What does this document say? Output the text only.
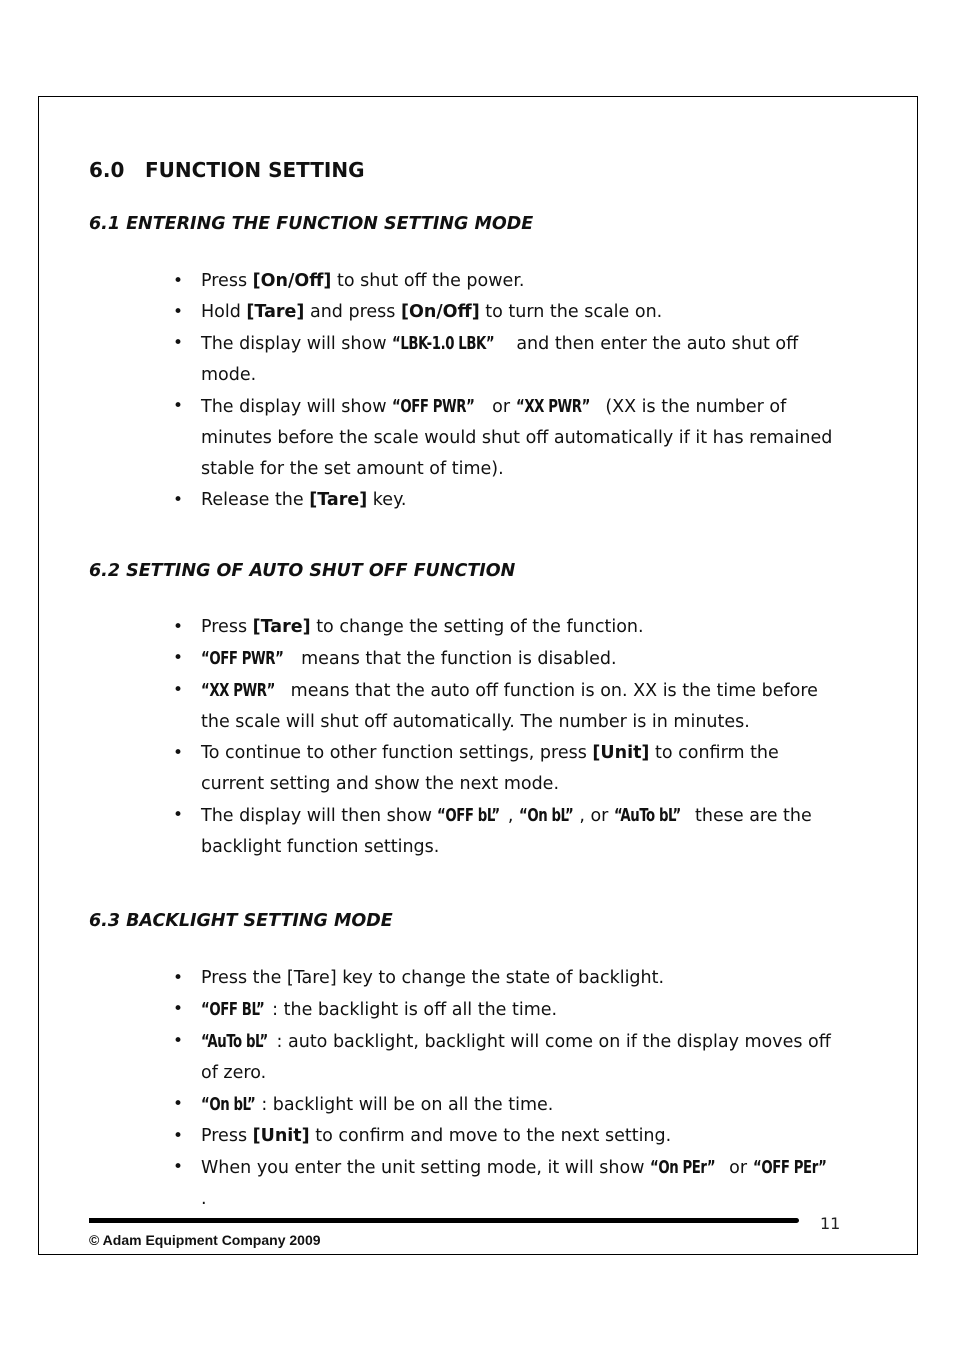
6.0 FUNCTION SETTING
6.1 ENTERING THE FUNCTION SETTING MODE
• Press [On/Off] to shut off the power.
• Hold [Tare] and press [On/Off] to turn the scale on.
• The display will show “LBK-1.0 LBK” and then enter the auto shut off mode.
• The display will show “OFF PWR” or “XX PWR” (XX is the number of minutes before the scale would shut off automatically if it has remained stable for the set amount of time).
• Release the [Tare] key.
6.2 SETTING OF AUTO SHUT OFF FUNCTION
• Press [Tare] to change the setting of the function.
• “OFF PWR” means that the function is disabled.
• “XX PWR” means that the auto off function is on. XX is the time before the scale will shut off automatically. The number is in minutes.
• To continue to other function settings, press [Unit] to confirm the current setting and show the next mode.
• The display will then show “OFF bL” , “On bL” , or “AuTo bL” these are the backlight function settings.
6.3 BACKLIGHT SETTING MODE
• Press the [Tare] key to change the state of backlight.
• “OFF BL” : the backlight is off all the time.
• “AuTo bL” : auto backlight, backlight will come on if the display moves off of zero.
• “On bL” : backlight will be on all the time.
• Press [Unit] to confirm and move to the next setting.
• When you enter the unit setting mode, it will show “On PEr” or “OFF PEr”.
11
© Adam Equipment Company 2009
